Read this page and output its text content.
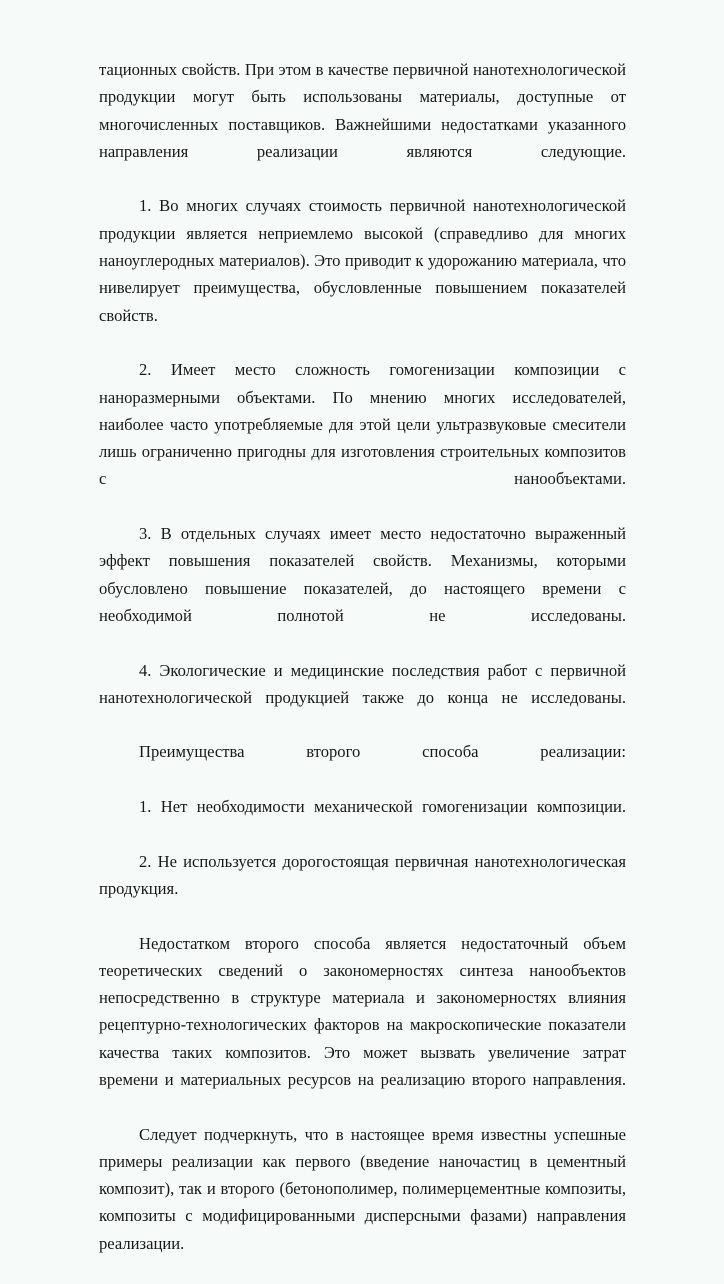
тационных свойств. При этом в качестве первичной нанотехнологической продукции могут быть использованы материалы, доступные от многочисленных поставщиков. Важнейшими недостатками указанного направления реализации являются следующие.

1. Во многих случаях стоимость первичной нанотехнологической продукции является неприемлемо высокой (справедливо для многих наноуглеродных материалов). Это приводит к удорожанию материала, что нивелирует преимущества, обусловленные повышением показателей свойств.

2. Имеет место сложность гомогенизации композиции с наноразмерными объектами. По мнению многих исследователей, наиболее часто употребляемые для этой цели ультразвуковые смесители лишь ограниченно пригодны для изготовления строительных композитов с нанообъектами.

3. В отдельных случаях имеет место недостаточно выраженный эффект повышения показателей свойств. Механизмы, которыми обусловлено повышение показателей, до настоящего времени с необходимой полнотой не исследованы.

4. Экологические и медицинские последствия работ с первичной нанотехнологической продукцией также до конца не исследованы.

Преимущества второго способа реализации:

1. Нет необходимости механической гомогенизации композиции.

2. Не используется дорогостоящая первичная нанотехнологическая продукция.

Недостатком второго способа является недостаточный объем теоретических сведений о закономерностях синтеза нанообъектов непосредственно в структуре материала и закономерностях влияния рецептурно-технологических факторов на макроскопические показатели качества таких композитов. Это может вызвать увеличение затрат времени и материальных ресурсов на реализацию второго направления.

Следует подчеркнуть, что в настоящее время известны успешные примеры реализации как первого (введение наночастиц в цементный композит), так и второго (бетонополимер, полимерцементные композиты, композиты с модифицированными дисперсными фазами) направления реализации.
